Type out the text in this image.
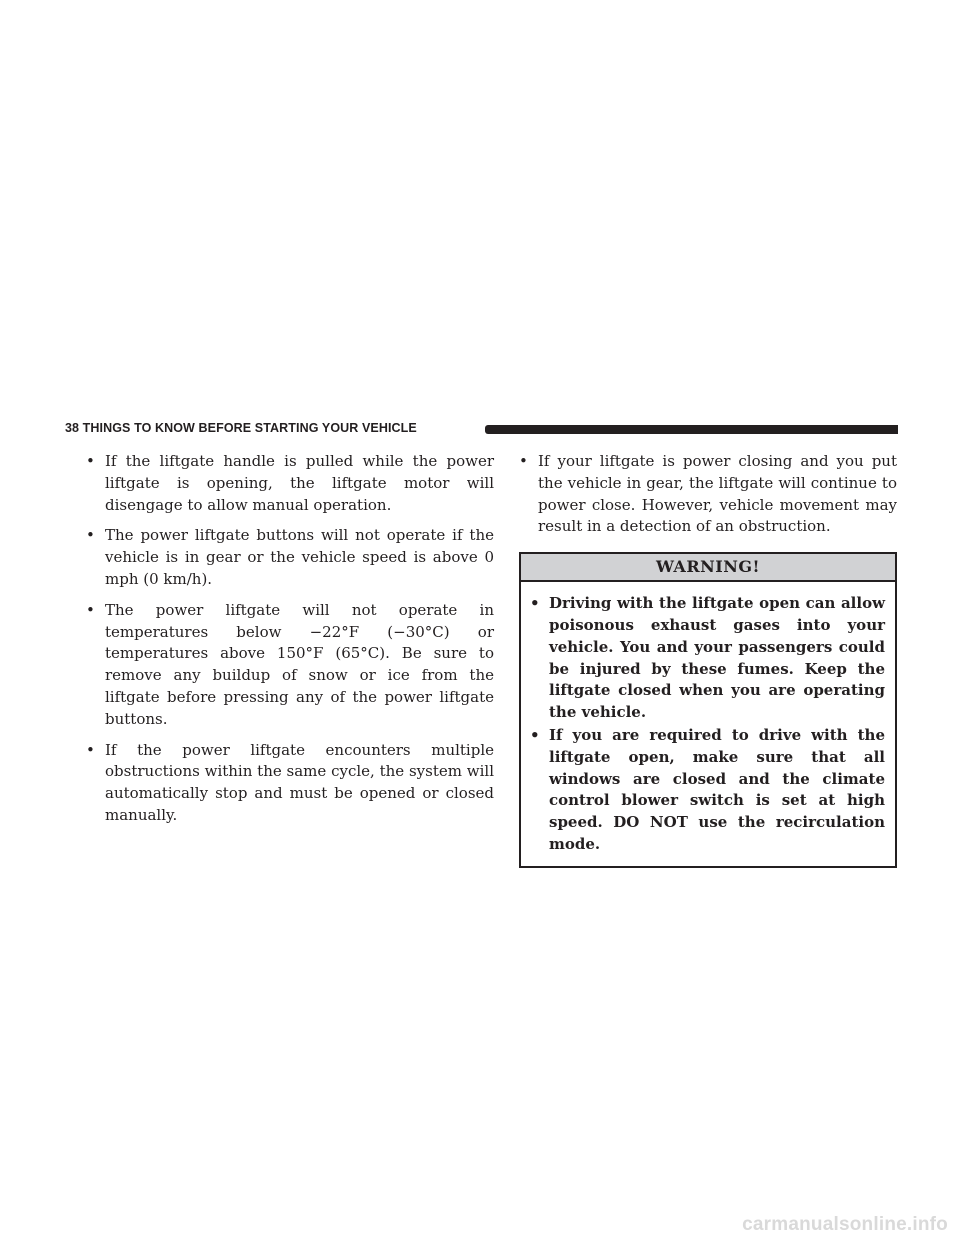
38 THINGS TO KNOW BEFORE STARTING YOUR VEHICLE
• If the liftgate handle is pulled while the power liftgate is opening, the liftgate motor will disengage to allow manual operation.
• The power liftgate buttons will not operate if the vehicle is in gear or the vehicle speed is above 0 mph (0 km/h).
• The power liftgate will not operate in temperatures below −22°F (−30°C) or temperatures above 150°F (65°C). Be sure to remove any buildup of snow or ice from the liftgate before pressing any of the power liftgate buttons.
• If the power liftgate encounters multiple obstructions within the same cycle, the system will automatically stop and must be opened or closed manually.
• If your liftgate is power closing and you put the vehicle in gear, the liftgate will continue to power close. However, vehicle movement may result in a detection of an obstruction.
WARNING!
• Driving with the liftgate open can allow poisonous exhaust gases into your vehicle. You and your passengers could be injured by these fumes. Keep the liftgate closed when you are operating the vehicle.
• If you are required to drive with the liftgate open, make sure that all windows are closed and the climate control blower switch is set at high speed. DO NOT use the recirculation mode.
carmanualsonline.info
